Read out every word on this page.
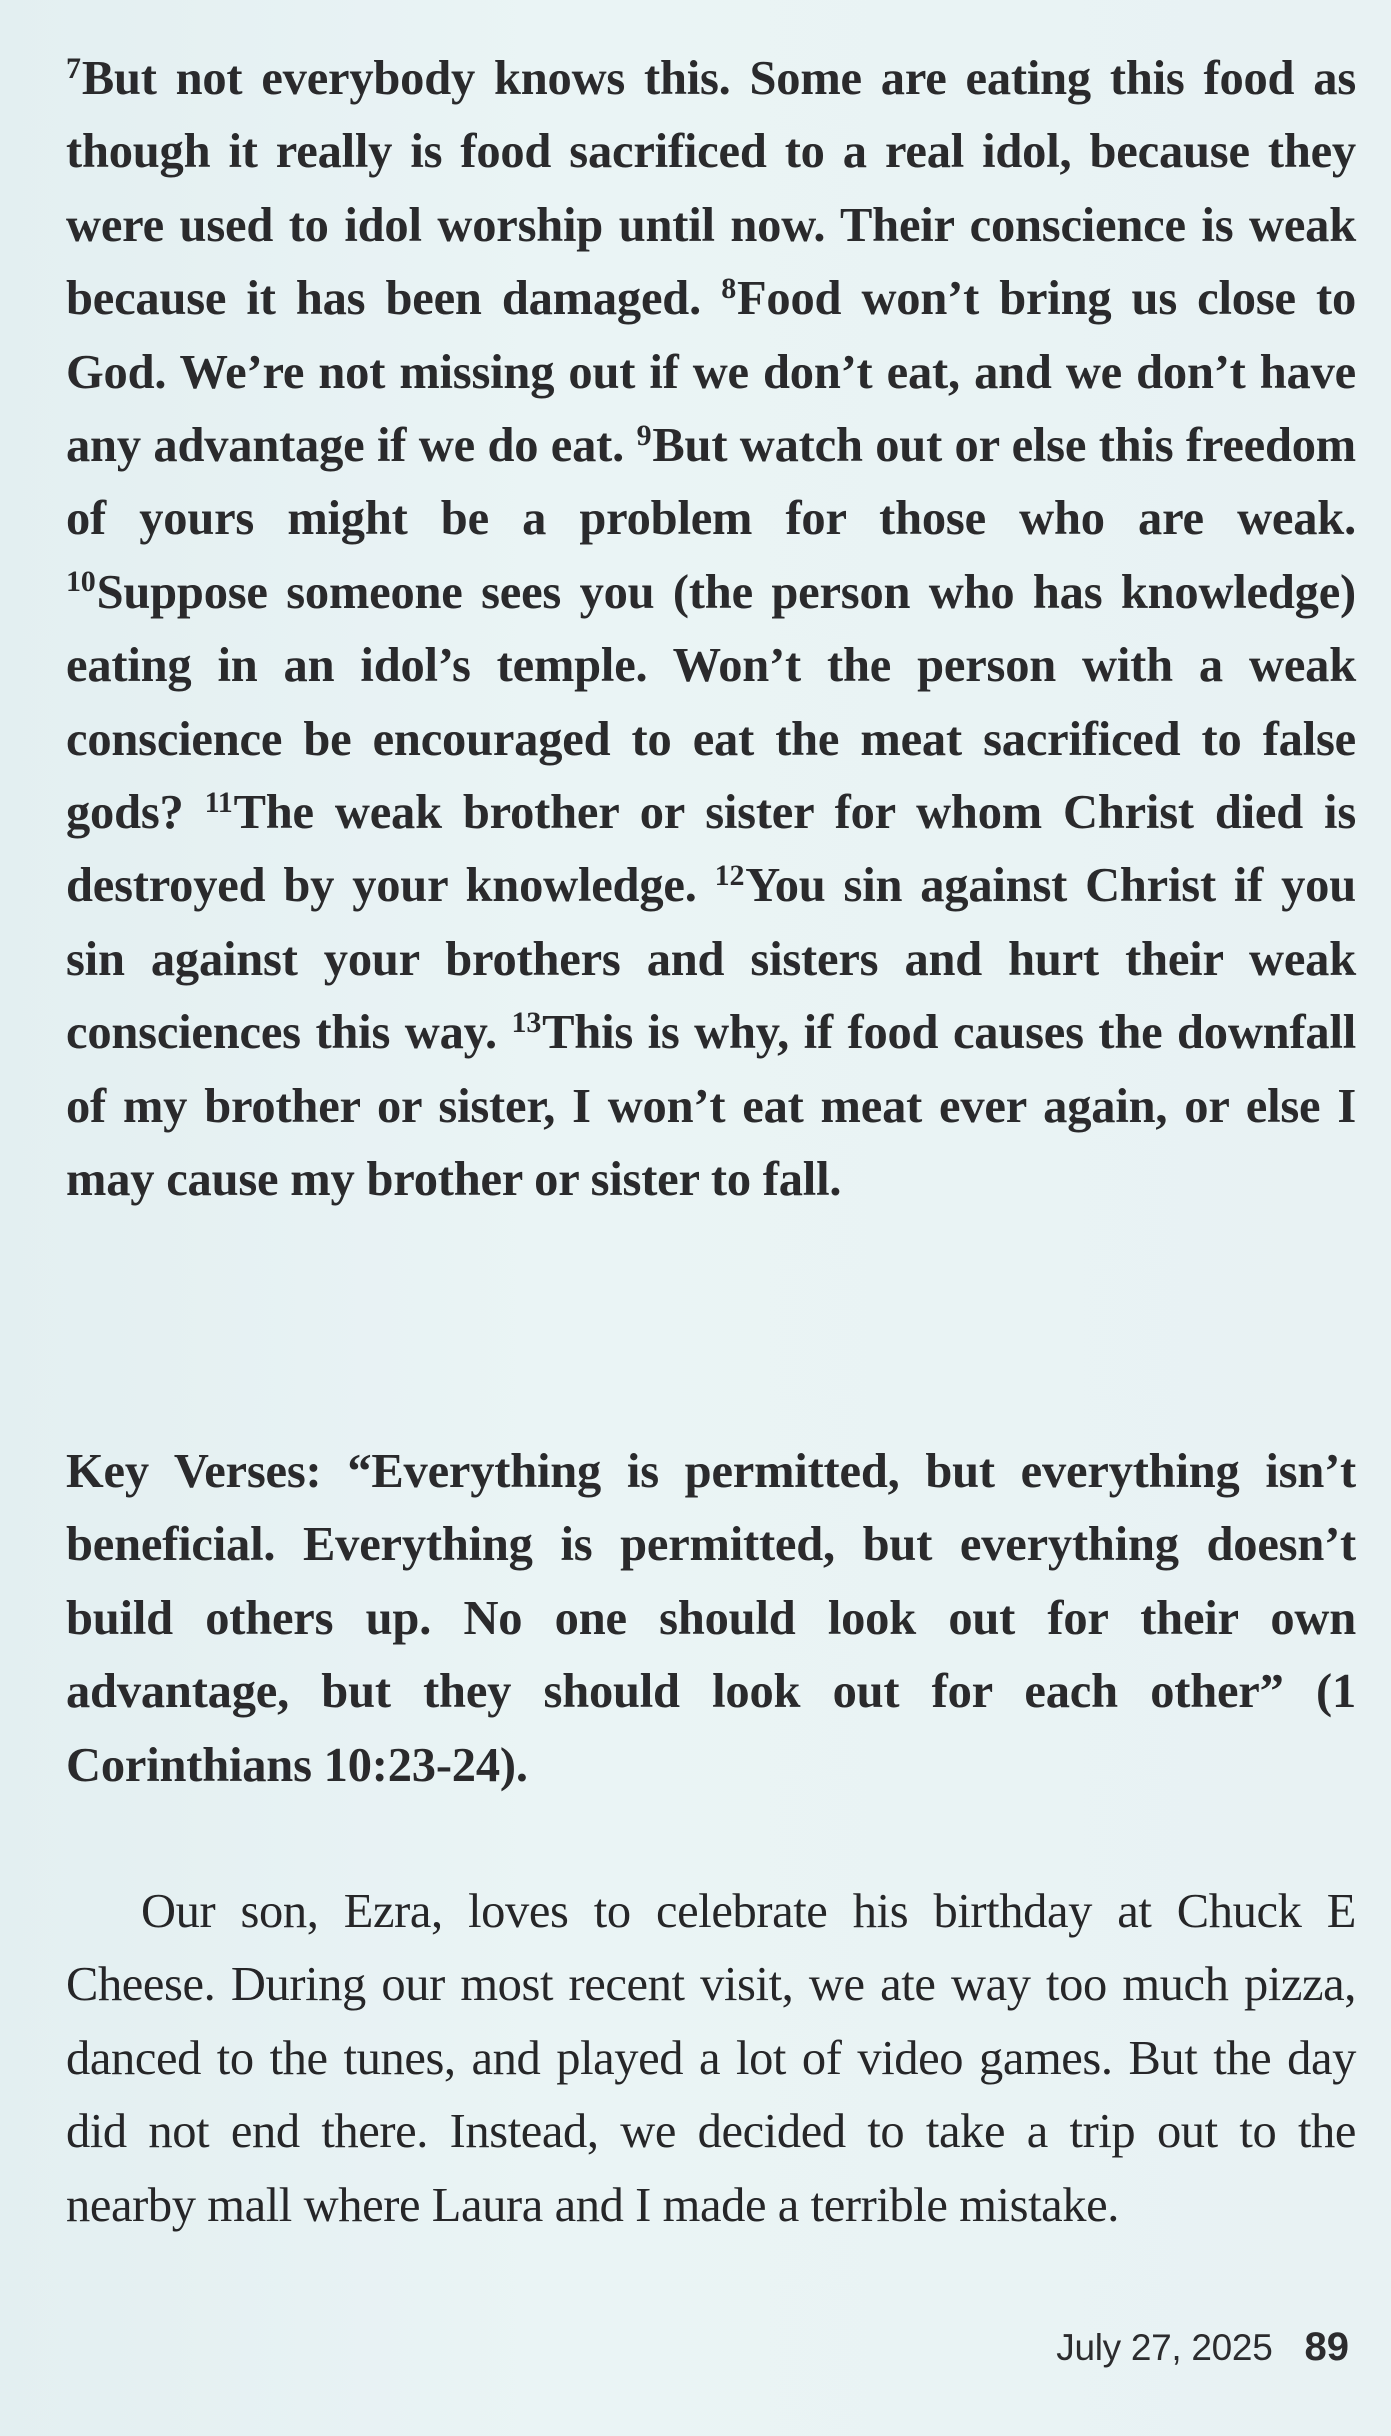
$^7$But not everybody knows this. Some are eating this food as though it really is food sacrificed to a real idol, because they were used to idol worship until now. Their conscience is weak because it has been damaged. $^8$Food won’t bring us close to God. We’re not missing out if we don’t eat, and we don’t have any advantage if we do eat. $^9$But watch out or else this freedom of yours might be a problem for those who are weak. $^{10}$Suppose someone sees you (the person who has knowledge) eating in an idol’s temple. Won’t the person with a weak conscience be encouraged to eat the meat sacrificed to false gods? $^{11}$The weak brother or sister for whom Christ died is destroyed by your knowledge. $^{12}$You sin against Christ if you sin against your brothers and sisters and hurt their weak consciences this way. $^{13}$This is why, if food causes the downfall of my brother or sister, I won’t eat meat ever again, or else I may cause my brother or sister to fall.

Key Verses: “Everything is permitted, but everything isn’t beneficial. Everything is permitted, but everything doesn’t build others up. No one should look out for their own advantage, but they should look out for each other” (1 Corinthians 10:23-24).

Our son, Ezra, loves to celebrate his birthday at Chuck E Cheese. During our most recent visit, we ate way too much pizza, danced to the tunes, and played a lot of video games. But the day did not end there. Instead, we decided to take a trip out to the nearby mall where Laura and I made a terrible mistake.

July 27, 2025 89
